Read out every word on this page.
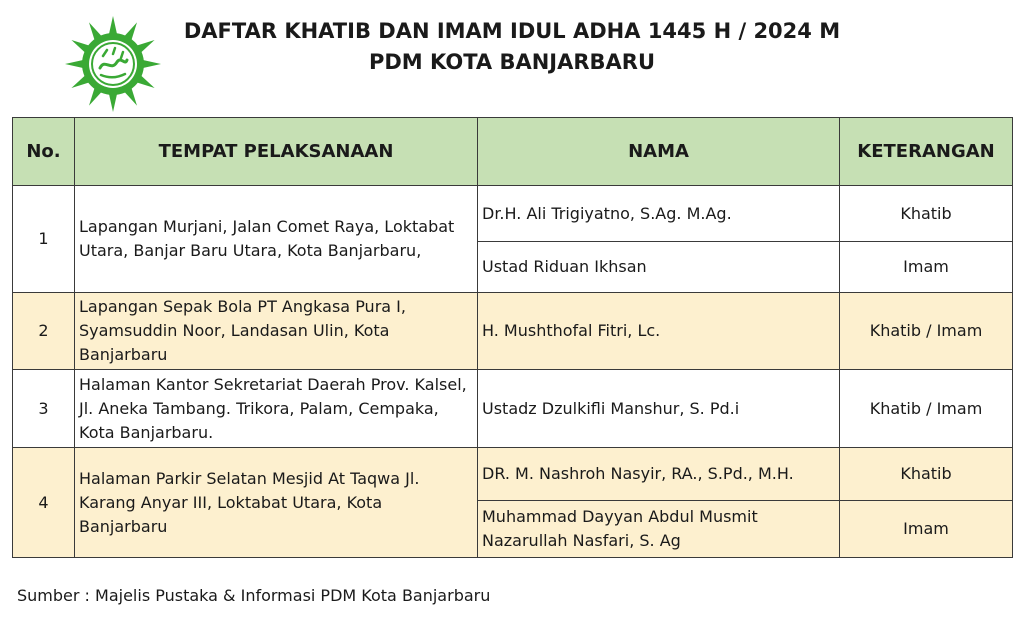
DAFTAR KHATIB DAN IMAM IDUL ADHA 1445 H / 2024 M
PDM KOTA BANJARBARU
No.	TEMPAT PELAKSANAAN	NAMA	KETERANGAN
1	Lapangan Murjani, Jalan Comet Raya, Loktabat Utara, Banjar Baru Utara, Kota Banjarbaru,	Dr.H. Ali Trigiyatno, S.Ag. M.Ag.	Khatib
		Ustad Riduan Ikhsan	Imam
2	Lapangan Sepak Bola PT Angkasa Pura I, Syamsuddin Noor, Landasan Ulin, Kota Banjarbaru	H. Mushthofal Fitri, Lc.	Khatib / Imam
3	Halaman Kantor Sekretariat Daerah Prov. Kalsel, Jl. Aneka Tambang. Trikora, Palam, Cempaka, Kota Banjarbaru.	Ustadz Dzulkifli Manshur, S. Pd.i	Khatib / Imam
4	Halaman Parkir Selatan Mesjid At Taqwa Jl. Karang Anyar III, Loktabat Utara, Kota Banjarbaru	DR. M. Nashroh Nasyir, RA., S.Pd., M.H.	Khatib
		Muhammad Dayyan Abdul Musmit Nazarullah Nasfari, S. Ag	Imam
Sumber : Majelis Pustaka & Informasi PDM Kota Banjarbaru
